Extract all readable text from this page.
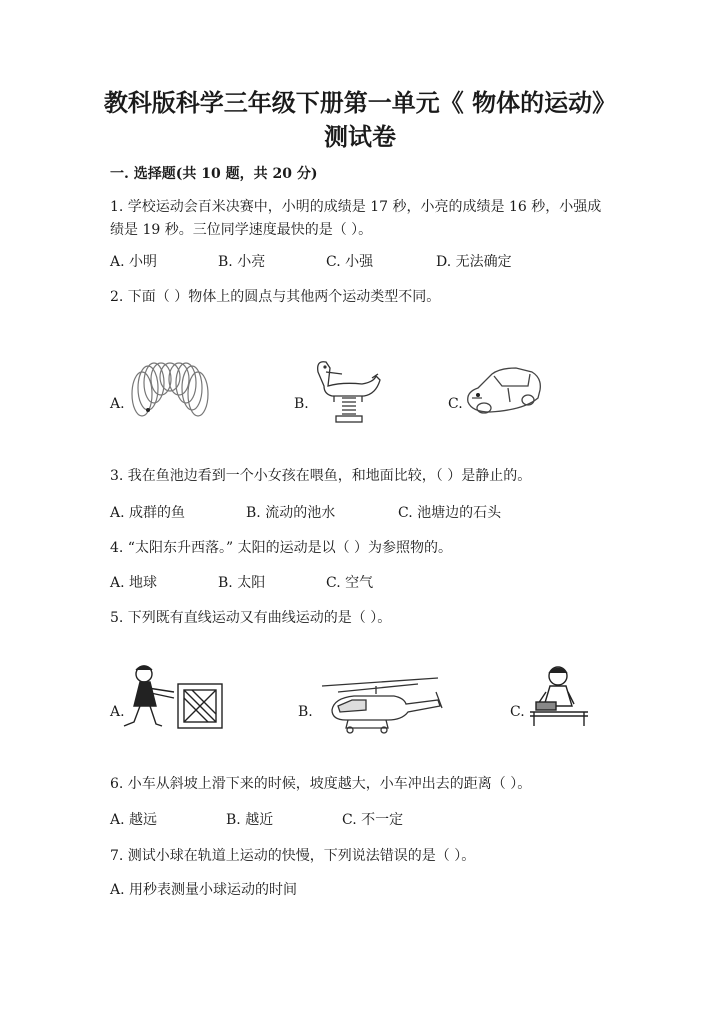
教科版科学三年级下册第一单元《 物体的运动》测试卷
一. 选择题(共 10 题，共 20 分)
1. 学校运动会百米决赛中，小明的成绩是 17 秒，小亮的成绩是 16 秒，小强成绩是 19 秒。三位同学速度最快的是（ ）。
A. 小明	B. 小亮	C. 小强	D. 无法确定
2. 下面（ ）物体上的圆点与其他两个运动类型不同。
A.	B.	C.
3. 我在鱼池边看到一个小女孩在喂鱼，和地面比较，（ ）是静止的。
A. 成群的鱼	B. 流动的池水	C. 池塘边的石头
4. “太阳东升西落。” 太阳的运动是以（ ）为参照物的。
A. 地球	B. 太阳	C. 空气
5. 下列既有直线运动又有曲线运动的是（ ）。
A.	B.	C.
6. 小车从斜坡上滑下来的时候，坡度越大，小车冲出去的距离（ ）。
A. 越远	B. 越近	C. 不一定
7. 测试小球在轨道上运动的快慢，下列说法错误的是（ ）。
A. 用秒表测量小球运动的时间
